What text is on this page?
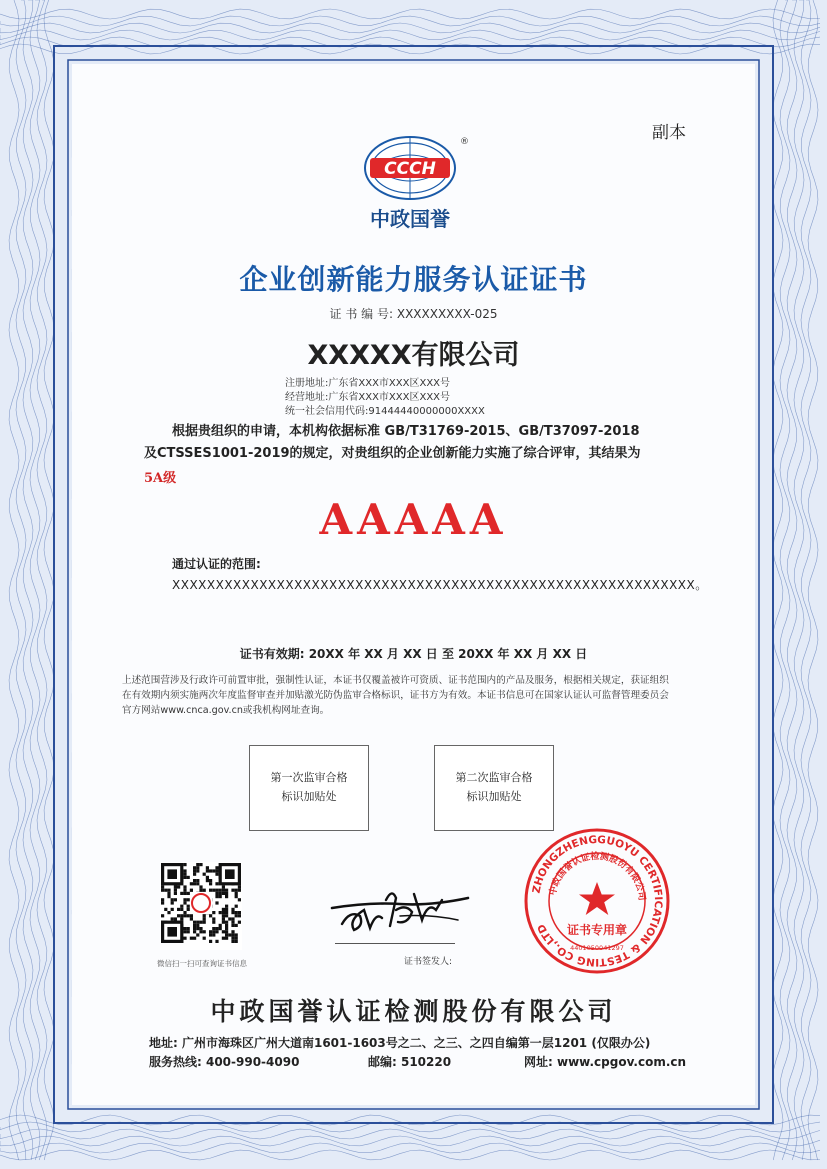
副本
CCCH
®
中政国誉
企业创新能力服务认证证书
证 书 编 号: XXXXXXXXX-025
XXXXX有限公司
注册地址:广东省XXX市XXX区XXX号
经营地址:广东省XXX市XXX区XXX号
统一社会信用代码:91444440000000XXXX
根据贵组织的申请，本机构依据标准 GB/T31769-2015、GB/T37097-2018
及CTSSES1001-2019的规定，对贵组织的企业创新能力实施了综合评审，其结果为
5A级
AAAAA
通过认证的范围:
XXXXXXXXXXXXXXXXXXXXXXXXXXXXXXXXXXXXXXXXXXXXXXXXXXXXXXXXXXXX。
证书有效期: 20XX 年 XX 月 XX 日 至 20XX 年 XX 月 XX 日
上述范围营涉及行政许可前置审批，强制性认证，本证书仅覆盖被许可资质、证书范围内的产品及服务，根据相关规定，获证组织
在有效期内须实施两次年度监督审查并加贴激光防伪监审合格标识，证书方为有效。本证书信息可在国家认证认可监督管理委员会
官方网站www.cnca.gov.cn或我机构网址查询。
第一次监审合格
标识加贴处
第二次监审合格
标识加贴处
微信扫一扫可查询证书信息	证书签发人:
ZHONGZHENGGUOYU CERTIFICATION & TESTING CO.,LTD
中政国誉认证检测股份有限公司
证书专用章
4401050041297
中政国誉认证检测股份有限公司
地址: 广州市海珠区广州大道南1601-1603号之二、之三、之四自编第一层1201 (仅限办公)
服务热线: 400-990-4090	邮编: 510220	网址: www.cpgov.com.cn
